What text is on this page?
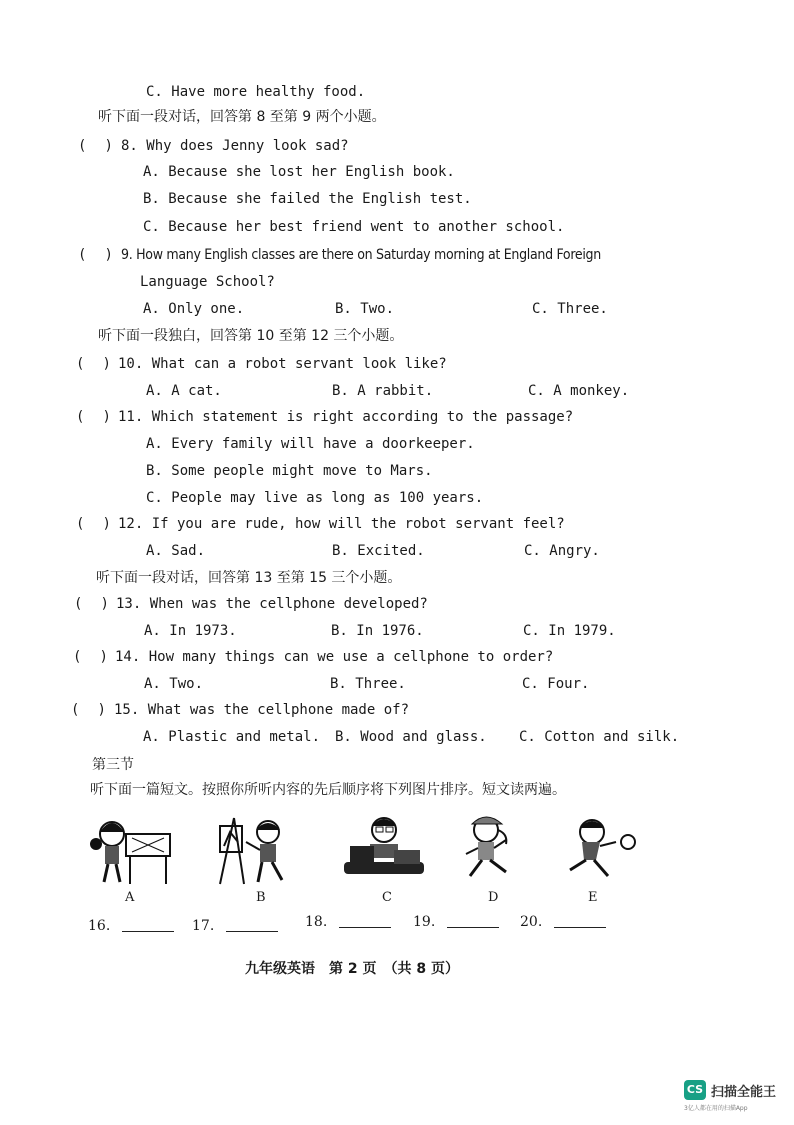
C. Have more healthy food.
听下面一段对话，回答第 8 至第 9 两个小题。
( ) 8. Why does Jenny look sad?
A. Because she lost her English book.
B. Because she failed the English test.
C. Because her best friend went to another school.
( ) 9. How many English classes are there on Saturday morning at England Foreign
Language School?
A. Only one.	B. Two.	C. Three.
听下面一段独白，回答第 10 至第 12 三个小题。
( ) 10. What can a robot servant look like?
A. A cat.	B. A rabbit.	C. A monkey.
( ) 11. Which statement is right according to the passage?
A. Every family will have a doorkeeper.
B. Some people might move to Mars.
C. People may live as long as 100 years.
( ) 12. If you are rude, how will the robot servant feel?
A. Sad.	B. Excited.	C. Angry.
听下面一段对话，回答第 13 至第 15 三个小题。
( ) 13. When was the cellphone developed?
A. In 1973.	B. In 1976.	C. In 1979.
( ) 14. How many things can we use a cellphone to order?
A. Two.	B. Three.	C. Four.
( ) 15. What was the cellphone made of?
A. Plastic and metal. B. Wood and glass. C. Cotton and silk.
第三节
听下面一篇短文。按照你所听内容的先后顺序将下列图片排序。短文读两遍。
A	B	C	D	E
16.	17.	18.	19.	20.
九年级英语　第 2 页　（共 8 页）
CS 扫描全能王
3亿人都在用的扫描App
